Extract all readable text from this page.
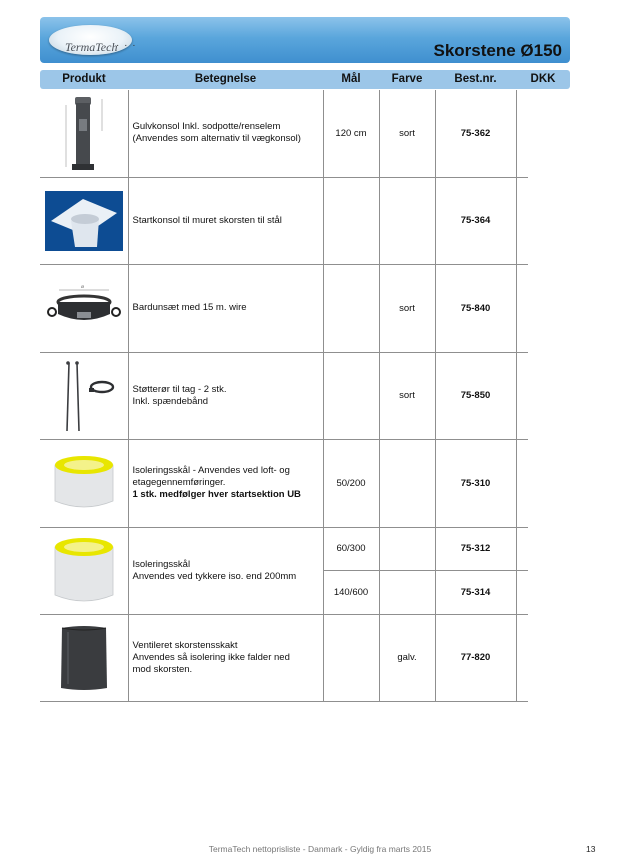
TermaTech
· · ·	Skorstene Ø150
Produkt	Betegnelse	Mål	Farve	Best.nr.	DKK

Gulvkonsol Inkl. sodpotte/renselem
(Anvendes som alternativ til vægkonsol)	120 cm	sort	75-362	

Startkonsol til muret skorsten til stål			75-364	

Ø	Bardunsæt med 15 m. wire		sort	75-840	

Støtterør til tag - 2 stk.
Inkl. spændebånd		sort	75-850	

Isoleringsskål - Anvendes ved loft- og
etagegennemføringer.
1 stk. medfølger hver startsektion UB	50/200		75-310	

Isoleringsskål
Anvendes ved tykkere iso. end 200mm	60/300		75-312	
		140/600		75-314	

Ventileret skorstensskakt
Anvendes så isolering ikke falder ned
mod skorsten.		galv.	77-820	
TermaTech nettoprisliste - Danmark - Gyldig fra marts 2015	13
